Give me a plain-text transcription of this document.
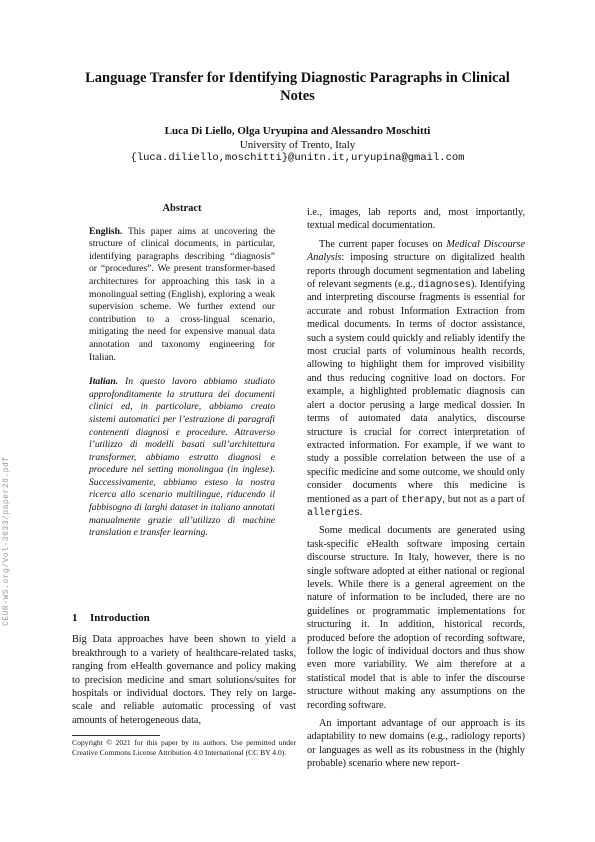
Language Transfer for Identifying Diagnostic Paragraphs in Clinical Notes
Luca Di Liello, Olga Uryupina and Alessandro Moschitti
University of Trento, Italy
{luca.diliello,moschitti}@unitn.it,uryupina@gmail.com
CEUR-WS.org/Vol-3033/paper28.pdf
Abstract

English. This paper aims at uncovering the structure of clinical documents, in particular, identifying paragraphs describing “diagnosis” or “procedures”. We present transformer-based architectures for approaching this task in a monolingual setting (English), exploring a weak supervision scheme. We further extend our contribution to a cross-lingual scenario, mitigating the need for expensive manual data annotation and taxonomy engineering for Italian.

Italian. In questo lavoro abbiamo studiato approfonditamente la struttura dei documenti clinici ed, in particolare, abbiamo creato sistemi automatici per l’estrazione di paragrafi contenenti diagnosi e procedure. Attraverso l’utilizzo di modelli basati sull’architettura transformer, abbiamo estratto diagnosi e procedure nel setting monolingua (in inglese). Successivamente, abbiamo esteso la nostra ricerca allo scenario multilingue, riducendo il fabbisogno di larghi dataset in italiano annotati manualmente grazie all’utilizzo di machine translation e transfer learning.

1 Introduction

Big Data approaches have been shown to yield a breakthrough to a variety of healthcare-related tasks, ranging from eHealth governance and policy making to precision medicine and smart solutions/suites for hospitals or individual doctors. They rely on large-scale and reliable automatic processing of vast amounts of heterogeneous data,

Copyright © 2021 for this paper by its authors. Use permitted under Creative Commons License Attribution 4.0 International (CC BY 4.0).

i.e., images, lab reports and, most importantly, textual medical documentation.

The current paper focuses on Medical Discourse Analysis: imposing structure on digitalized health reports through document segmentation and labeling of relevant segments (e.g., diagnoses). Identifying and interpreting discourse fragments is essential for accurate and robust Information Extraction from medical documents. In terms of doctor assistance, such a system could quickly and reliably identify the most crucial parts of voluminous health records, allowing to highlight them for improved visibility and thus reducing cognitive load on doctors. For example, a highlighted problematic diagnosis can alert a doctor perusing a large medical dossier. In terms of automated data analytics, discourse structure is crucial for correct interpretation of extracted information. For example, if we want to study a possible correlation between the use of a specific medicine and some outcome, we should only consider documents where this medicine is mentioned as a part of therapy, but not as a part of allergies.

Some medical documents are generated using task-specific eHealth software imposing certain discourse structure. In Italy, however, there is no single software adopted at either national or regional levels. While there is a general agreement on the nature of information to be included, there are no guidelines or programmatic implementations for structuring it. In addition, historical records, produced before the adoption of recording software, follow the logic of individual doctors and thus show even more variability. We aim therefore at a statistical model that is able to infer the discourse structure without making any assumptions on the recording software.

An important advantage of our approach is its adaptability to new domains (e.g., radiology reports) or languages as well as its robustness in the (highly probable) scenario where new report-
